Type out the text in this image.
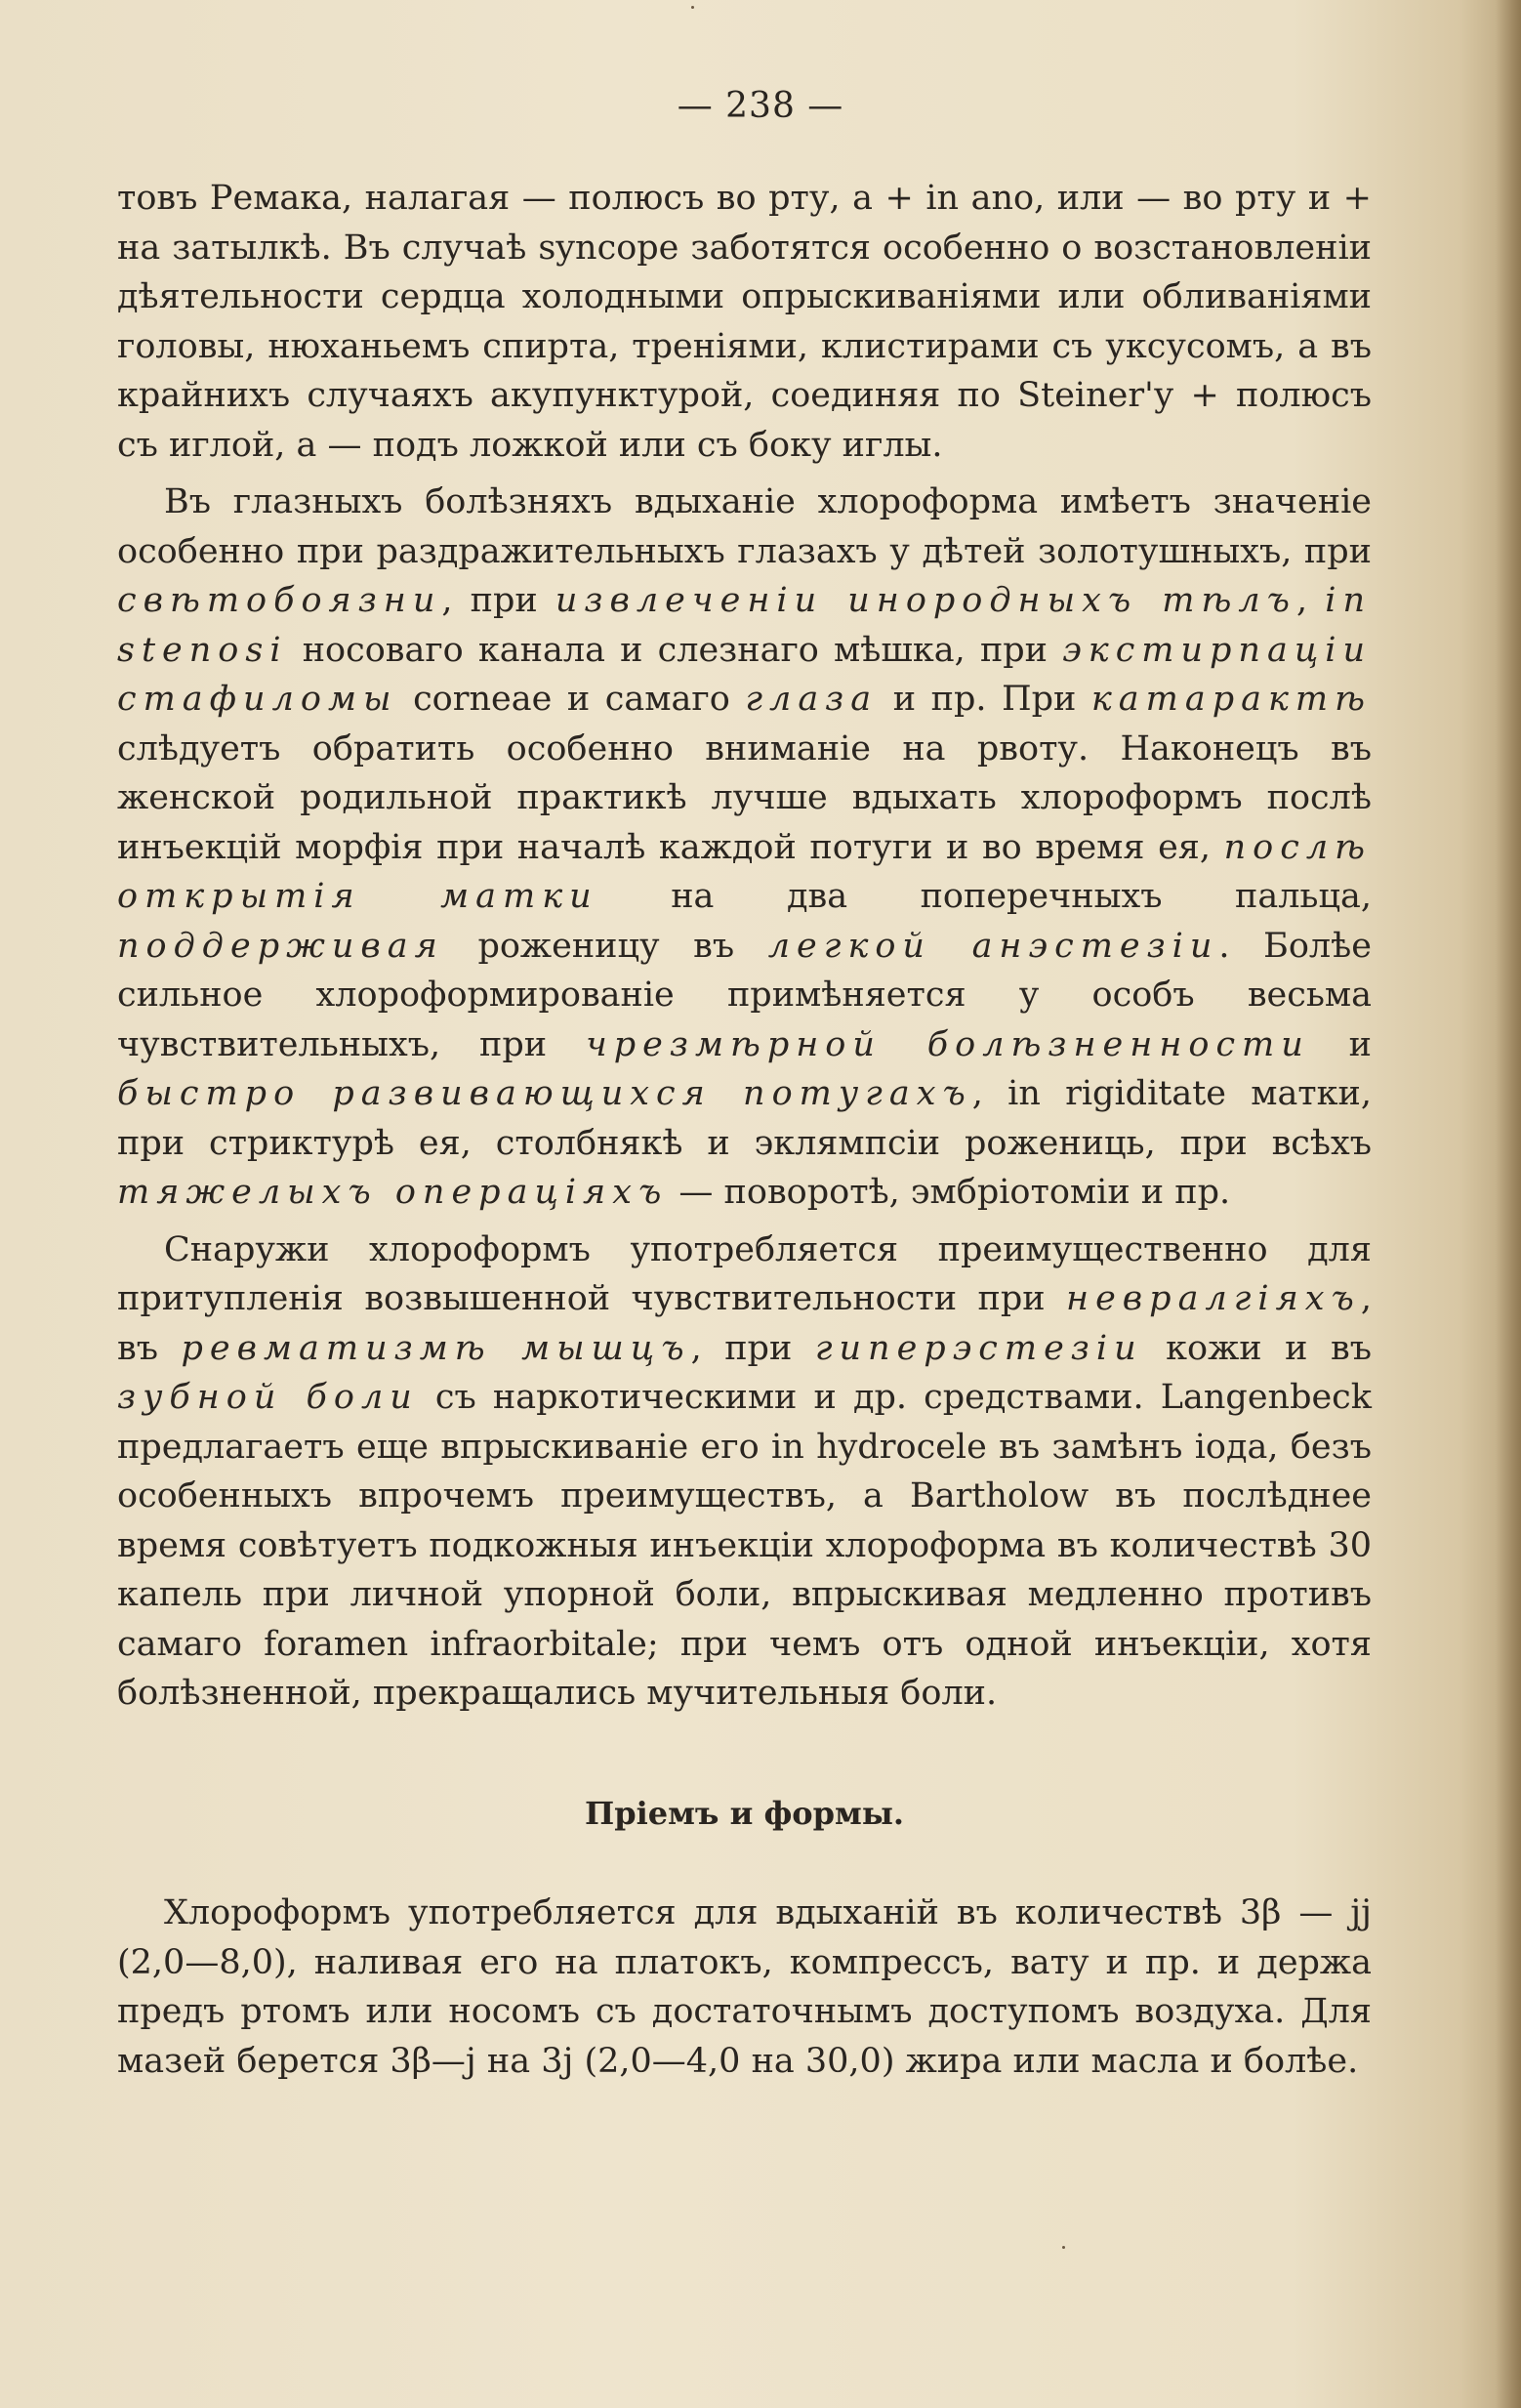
— 238 —

товъ Ремака, налагая — полюсъ во рту, а + in ano, или — во рту и + на затылкѣ. Въ случаѣ syncope заботятся особенно о возстановленіи дѣятельности сердца холодными опрыскиваніями или обливаніями головы, нюханьемъ спирта, треніями, клистирами съ уксусомъ, а въ крайнихъ случаяхъ акупунктурой, соединяя по Steiner'у + полюсъ съ иглой, а — подъ ложкой или съ боку иглы.

Въ глазныхъ болѣзняхъ вдыханіе хлороформа имѣетъ значеніе особенно при раздражительныхъ глазахъ у дѣтей золотушныхъ, при свѣтобоязни, при извлеченіи инородныхъ тѣлъ, in stenosi носоваго канала и слезнаго мѣшка, при экстирпаціи стафиломы corneae и самаго глаза и пр. При катарактѣ слѣдуетъ обратить особенно вниманіе на рвоту. Наконецъ въ женской родильной практикѣ лучше вдыхать хлороформъ послѣ инъекцій морфія при началѣ каждой потуги и во время ея, послѣ открытія матки на два поперечныхъ пальца, поддерживая роженицу въ легкой анэстезіи. Болѣе сильное хлороформированіе примѣняется у особъ весьма чувствительныхъ, при чрезмѣрной болѣзненности и быстро развивающихся потугахъ, in rigiditate матки, при стриктурѣ ея, столбнякѣ и эклямпсіи рожениць, при всѣхъ тяжелыхъ операціяхъ — поворотѣ, эмбріотоміи и пр.

Снаружи хлороформъ употребляется преимущественно для притупленія возвышенной чувствительности при невралгіяхъ, въ ревматизмѣ мышцъ, при гиперэстезіи кожи и въ зубной боли съ наркотическими и др. средствами. Langenbeck предлагаетъ еще впрыскиваніе его in hydrocele въ замѣнъ іода, безъ особенныхъ впрочемъ преимуществъ, а Bartholow въ послѣднее время совѣтуетъ подкожныя инъекціи хлороформа въ количествѣ 30 капель при личной упорной боли, впрыскивая медленно противъ самаго foramen infraorbitale; при чемъ отъ одной инъекціи, хотя болѣзненной, прекращались мучительныя боли.

Пріемъ и формы.

Хлороформъ употребляется для вдыханій въ количествѣ 3β — jj (2,0—8,0), наливая его на платокъ, компрессъ, вату и пр. и держа предъ ртомъ или носомъ съ достаточнымъ доступомъ воздуха. Для мазей берется 3β—j на 3j (2,0—4,0 на 30,0) жира или масла и болѣе.
